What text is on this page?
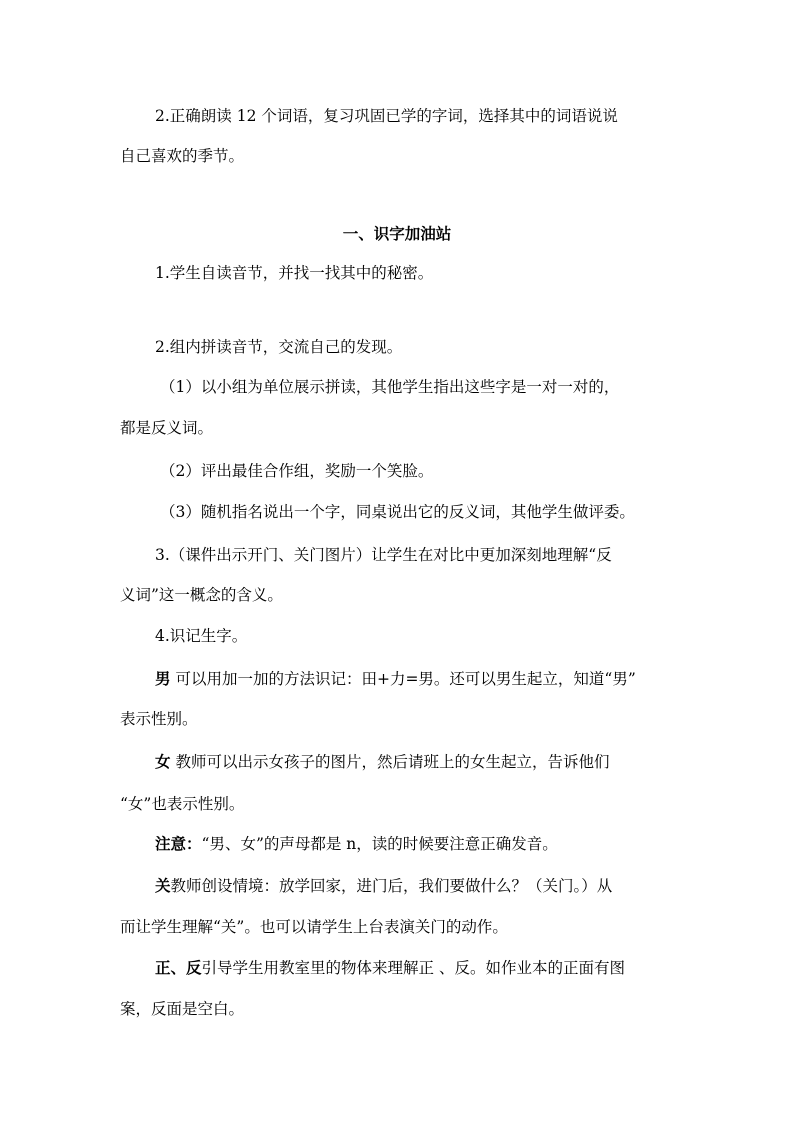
2.正确朗读 12 个词语，复习巩固已学的字词，选择其中的词语说说
自己喜欢的季节。
一、识字加油站
1.学生自读音节，并找一找其中的秘密。
2.组内拼读音节，交流自己的发现。
（1）以小组为单位展示拼读，其他学生指出这些字是一对一对的，
都是反义词。
（2）评出最佳合作组，奖励一个笑脸。
（3）随机指名说出一个字，同桌说出它的反义词，其他学生做评委。
3.（课件出示开门、关门图片）让学生在对比中更加深刻地理解“反
义词”这一概念的含义。
4.识记生字。
男 可以用加一加的方法识记：田+力=男。还可以男生起立，知道“男”
表示性别。
女 教师可以出示女孩子的图片，然后请班上的女生起立，告诉他们
“女”也表示性别。
注意：“男、女”的声母都是 n，读的时候要注意正确发音。
关教师创设情境：放学回家，进门后，我们要做什么？（关门。）从
而让学生理解“关”。也可以请学生上台表演关门的动作。
正、反引导学生用教室里的物体来理解正 、反。如作业本的正面有图
案，反面是空白。
